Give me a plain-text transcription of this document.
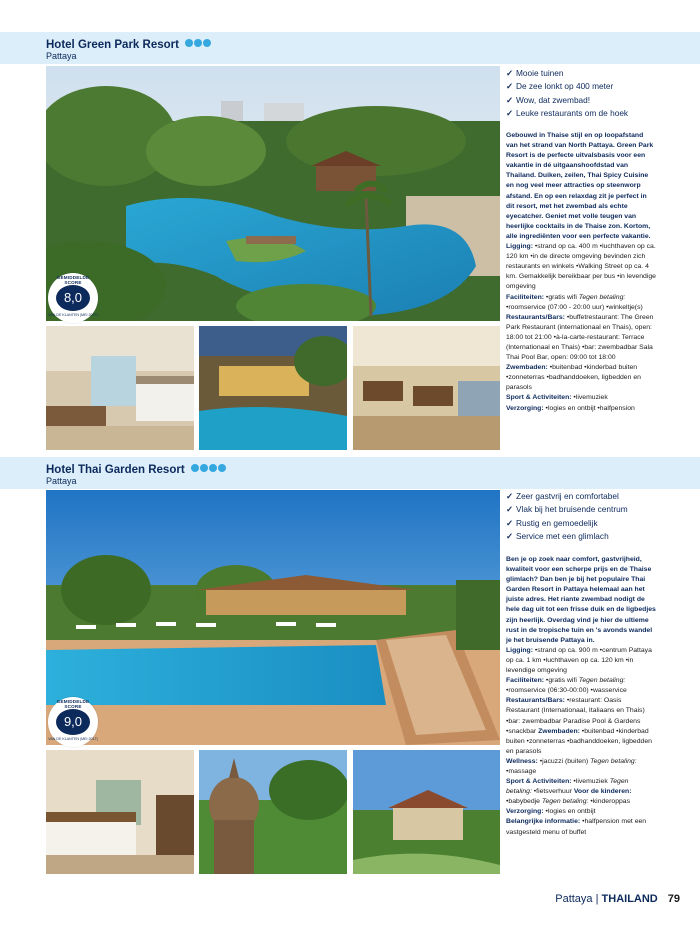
Hotel Green Park Resort
Pattaya
GEMIDDELDE SCORE
8,0
VAN DE KLANTEN (MEI 2017)
✓ Mooie tuinen
✓ De zee lonkt op 400 meter
✓ Wow, dat zwembad!
✓ Leuke restaurants om de hoek
Gebouwd in Thaise stijl en op loopafstand van het strand van North Pattaya. Green Park Resort is de perfecte uitvalsbasis voor een vakantie in dé uitgaanshoofdstad van Thailand. Duiken, zeilen, Thai Spicy Cuisine en nog veel meer attracties op steenworp afstand. En op een relaxdag zit je perfect in dit resort, met het zwembad als echte eyecatcher. Geniet met volle teugen van heerlijke cocktails in de Thaise zon. Kortom, alle ingrediënten voor een perfecte vakantie.
Ligging: •strand op ca. 400 m •luchthaven op ca. 120 km •in de directe omgeving bevinden zich restaurants en winkels •Walking Street op ca. 4 km. Gemakkelijk bereikbaar per bus •in levendige omgeving
Faciliteiten: •gratis wifi Tegen betaling: •roomservice (07:00 - 20:00 uur) •winkeltje(s)
Restaurants/Bars: •buffetrestaurant: The Green Park Restaurant (internationaal en Thais), open: 18:00 tot 21:00 •à-la-carte-restaurant: Terrace (Internationaal en Thais) •bar: zwembadbar Sala Thai Pool Bar, open: 09:00 tot 18:00 Zwembaden: •buitenbad •kinderbad buiten •zonneterras •badhanddoeken, ligbedden en parasols
Sport & Activiteiten: •livemuziek
Verzorging: •logies en ontbijt •halfpension
Hotel Thai Garden Resort
Pattaya
GEMIDDELDE SCORE
9,0
VAN DE KLANTEN (MEI 2017)
✓ Zeer gastvrij en comfortabel
✓ Vlak bij het bruisende centrum
✓ Rustig en gemoedelijk
✓ Service met een glimlach
Ben je op zoek naar comfort, gastvrijheid, kwaliteit voor een scherpe prijs en de Thaise glimlach? Dan ben je bij het populaire Thai Garden Resort in Pattaya helemaal aan het juiste adres. Het riante zwembad nodigt de hele dag uit tot een frisse duik en de ligbedjes zijn heerlijk. Overdag vind je hier de ultieme rust in de tropische tuin en 's avonds wandel je het bruisende Pattaya in.
Ligging: •strand op ca. 900 m •centrum Pattaya op ca. 1 km •luchthaven op ca. 120 km •in levendige omgeving
Faciliteiten: •gratis wifi Tegen betaling: •roomservice (06:30-00:00) •wasservice
Restaurants/Bars: •restaurant: Oasis Restaurant (Internationaal, Italiaans en Thais) •bar: zwembadbar Paradise Pool & Gardens •snackbar Zwembaden: •buitenbad •kinderbad buiten •zonneterras •badhanddoeken, ligbedden en parasols
Wellness: •jacuzzi (buiten) Tegen betaling: •massage
Sport & Activiteiten: •livemuziek Tegen betaling: •fietsverhuur Voor de kinderen: •babybedje Tegen betaling: •kinderoppas
Verzorging: •logies en ontbijt
Belangrijke informatie: •halfpension met een vastgesteld menu of buffet
Pattaya | THAILAND 79
